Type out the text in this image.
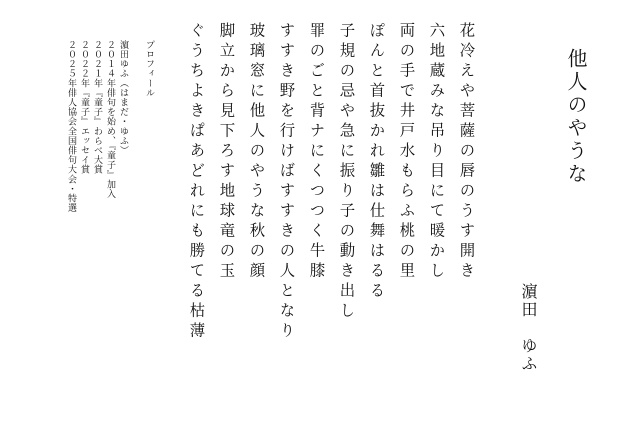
他人のやうな
濵田　ゆふ
花冷えや菩薩の唇のうす開き
六地蔵みな吊り目にて暖かし
両の手で井戸水もらふ桃の里
ぽんと首抜かれ雛は仕舞はるる
子規の忌や急に振り子の動き出し
罪のごと背ナにくつつく牛膝
すすき野を行けばすすきの人となり
玻璃窓に他人のやうな秋の顔
脚立から見下ろす地球竜の玉
ぐうちよきぱあどれにも勝てる枯薄
プロフィール
濵田ゆふ（はまだ・ゆふ）
２０１４年俳句を始め、『童子』加入
２０２１年『童子』わらべ大賞
２０２２年『童子』エッセイ賞
２０２５年俳人協会全国俳句大会・特選
